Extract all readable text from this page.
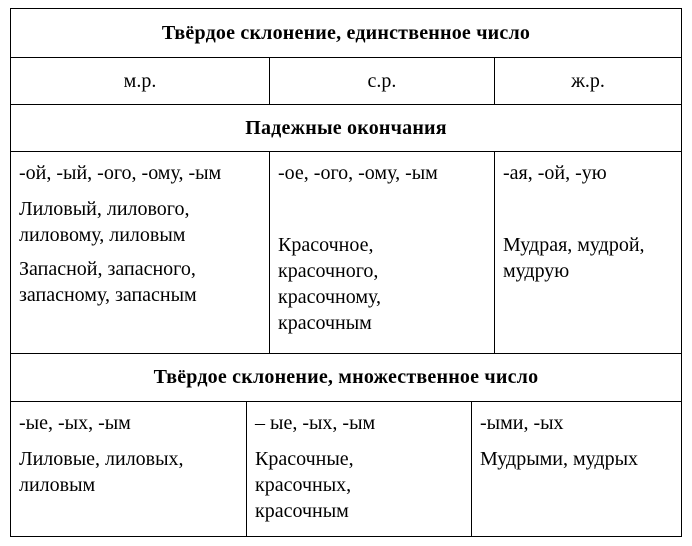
Твёрдое склонение, единственное число
м.р.	с.р.	ж.р.
Падежные окончания
-ой, -ый, -ого, -ому, -ым
Лиловый, лилового,
лиловому, лиловым
Запасной, запасного,
запасному, запасным
-ое, -ого, -ому, -ым
Красочное,
красочного,
красочному,
красочным
-ая, -ой, -ую
Мудрая, мудрой,
мудрую
Твёрдое склонение, множественное число
-ые, -ых, -ым
Лиловые, лиловых,
лиловым
– ые, -ых, -ым
Красочные,
красочных,
красочным
-ыми, -ых
Мудрыми, мудрых
